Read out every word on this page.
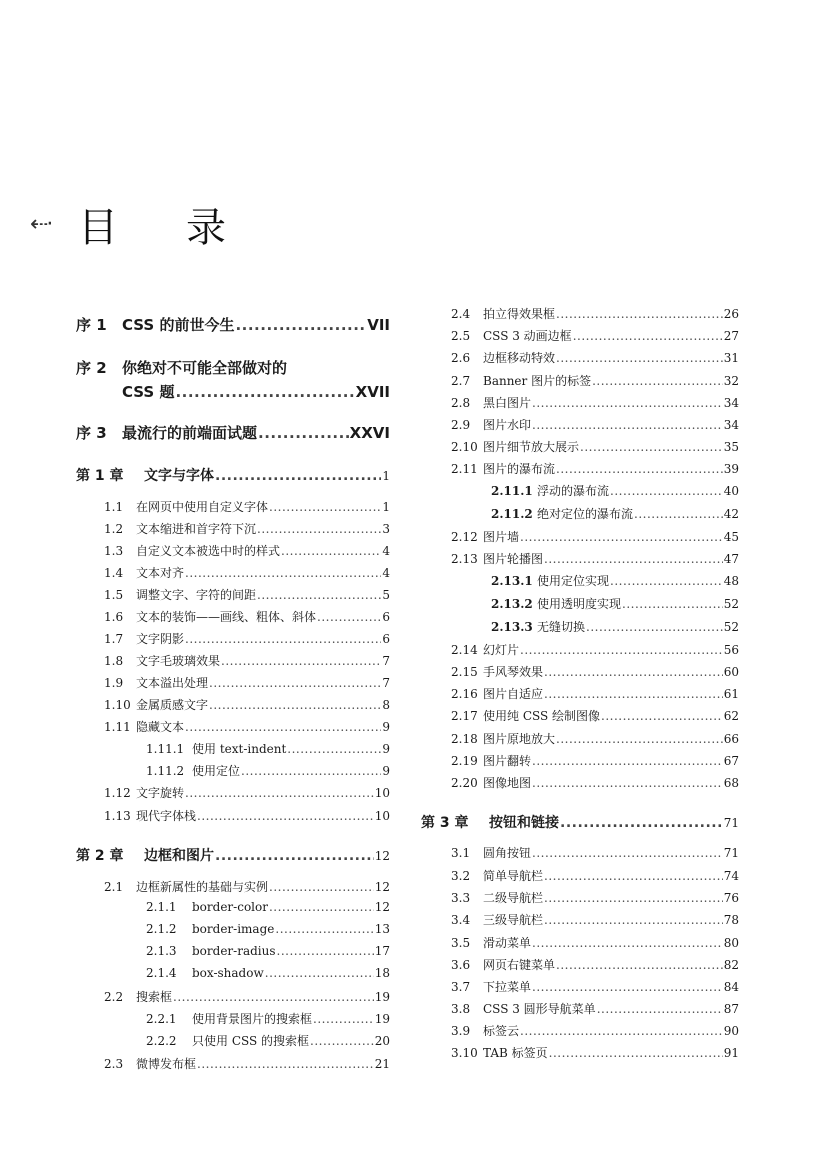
⇠· 目录
序 1	CSS 的前世今生 .....	VII
序 2	你绝对不可能全部做对的
CSS 题 .....	XVII
序 3	最流行的前端面试题 .....	XXVI
第 1 章	文字与字体 .....	1
1.1	在网页中使用自定义字体 .....	1
1.2	文本缩进和首字符下沉 .....	3
1.3	自定义文本被选中时的样式 .....	4
1.4	文本对齐 .....	4
1.5	调整文字、字符的间距 .....	5
1.6	文本的装饰——画线、粗体、斜体 .....	6
1.7	文字阴影 .....	6
1.8	文字毛玻璃效果 .....	7
1.9	文本溢出处理 .....	7
1.10 金属质感文字 .....	8
1.11 隐藏文本 .....	9
1.11.1 使用 text-indent .....	9
1.11.2 使用定位 .....	9
1.12 文字旋转 .....	10
1.13 现代字体栈 .....	10
第 2 章	边框和图片 .....	12
2.1	边框新属性的基础与实例 .....	12
2.1.1	border-color .....	12
2.1.2	border-image .....	13
2.1.3	border-radius .....	17
2.1.4	box-shadow .....	18
2.2	搜索框 .....	19
2.2.1	使用背景图片的搜索框 .....	19
2.2.2	只使用 CSS 的搜索框 .....	20
2.3	微博发布框 .....	21
2.4	拍立得效果框 .....	26
2.5	CSS 3 动画边框 .....	27
2.6	边框移动特效 .....	31
2.7	Banner 图片的标签 .....	32
2.8	黑白图片 .....	34
2.9	图片水印 .....	34
2.10 图片细节放大展示 .....	35
2.11 图片的瀑布流 .....	39
2.11.1 浮动的瀑布流 .....	40
2.11.2 绝对定位的瀑布流 .....	42
2.12 图片墙 .....	45
2.13 图片轮播图 .....	47
2.13.1 使用定位实现 .....	48
2.13.2 使用透明度实现 .....	52
2.13.3 无缝切换 .....	52
2.14 幻灯片 .....	56
2.15 手风琴效果 .....	60
2.16 图片自适应 .....	61
2.17 使用纯 CSS 绘制图像 .....	62
2.18 图片原地放大 .....	66
2.19 图片翻转 .....	67
2.20 图像地图 .....	68
第 3 章	按钮和链接 .....	71
3.1	圆角按钮 .....	71
3.2	简单导航栏 .....	74
3.3	二级导航栏 .....	76
3.4	三级导航栏 .....	78
3.5	滑动菜单 .....	80
3.6	网页右键菜单 .....	82
3.7	下拉菜单 .....	84
3.8	CSS 3 圆形导航菜单 .....	87
3.9	标签云 .....	90
3.10 TAB 标签页 .....	91
